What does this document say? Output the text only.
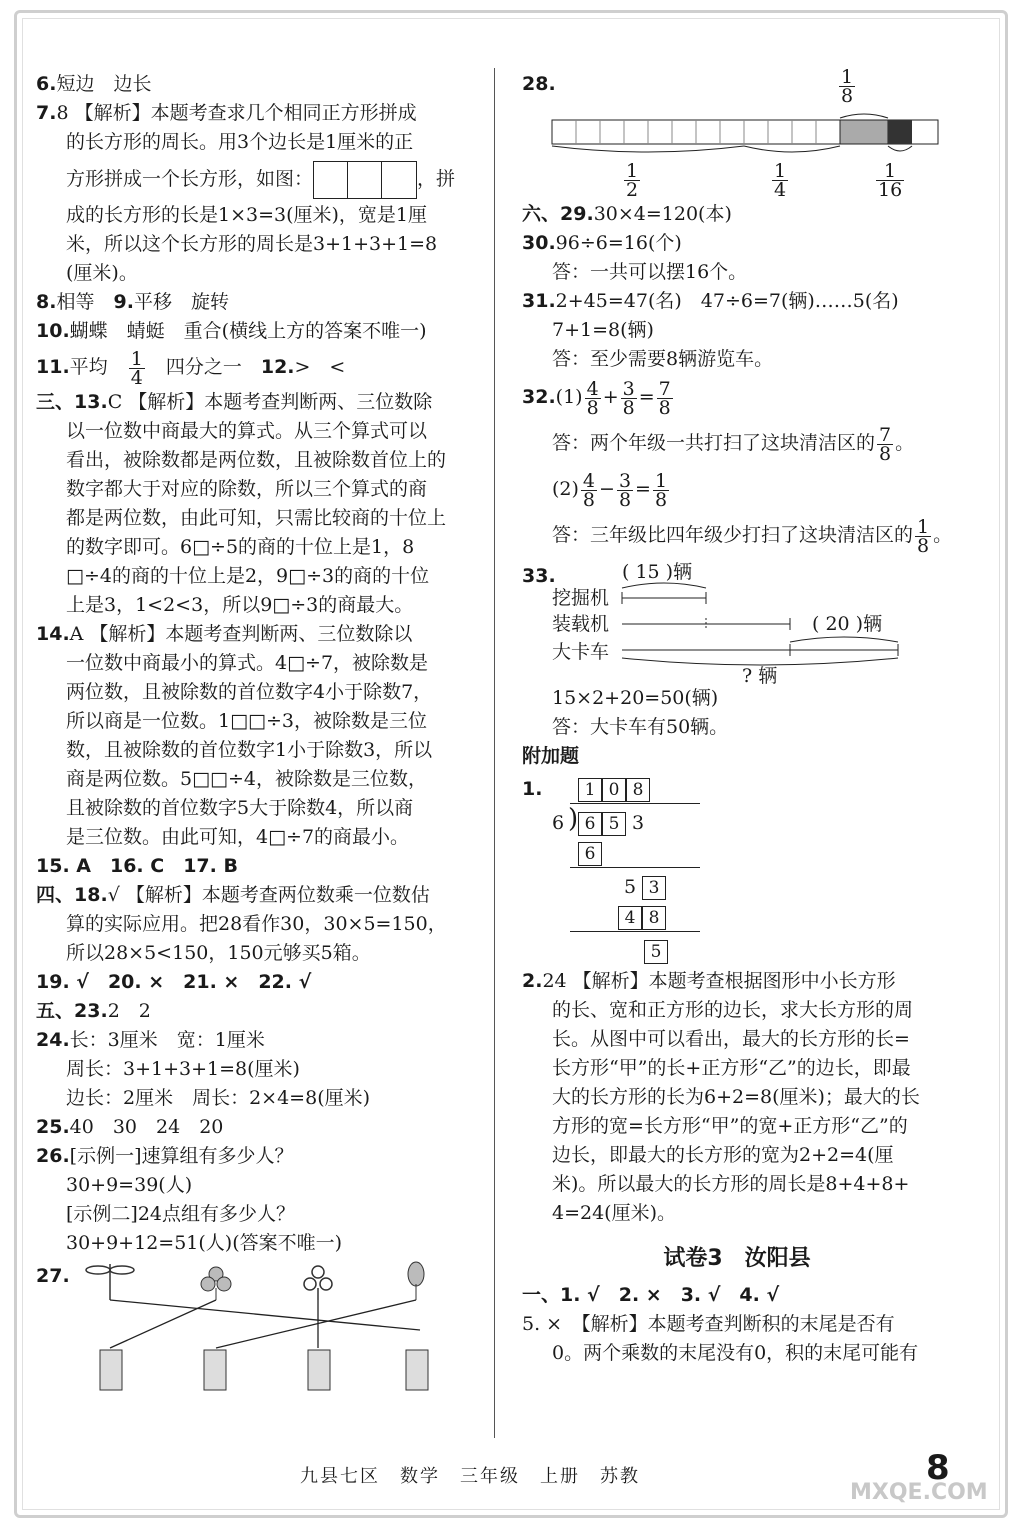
6.短边　边长
7.8 【解析】本题考查求几个相同正方形拼成
的长方形的周长。用3个边长是1厘米的正
方形拼成一个长方形，如图：	，拼
成的长方形的长是1×3=3(厘米)，宽是1厘
米，所以这个长方形的周长是3+1+3+1=8
(厘米)。
8.相等　 9.平移　旋转
10.蝴蝶　蜻蜓　重合(横线上方的答案不唯一)
11.平均　 $\frac{1}{4}$
　 四分之一　 12.>　<
三、13.C 【解析】本题考查判断两、三位数除
以一位数中商最大的算式。从三个算式可以
看出，被除数都是两位数，且被除数首位上的
数字都大于对应的除数，所以三个算式的商
都是两位数，由此可知，只需比较商的十位上
的数字即可。6□÷5的商的十位上是1，8
□÷4的商的十位上是2，9□÷3的商的十位
上是3，1<2<3，所以9□÷3的商最大。
14.A 【解析】本题考查判断两、三位数除以
一位数中商最小的算式。4□÷7，被除数是
两位数，且被除数的首位数字4小于除数7，
所以商是一位数。1□□÷3，被除数是三位
数，且被除数的首位数字1小于除数3，所以
商是两位数。5□□÷4，被除数是三位数，
且被除数的首位数字5大于除数4，所以商
是三位数。由此可知，4□÷7的商最小。
15. A　16. C　17. B
四、18.√ 【解析】本题考查两位数乘一位数估
算的实际应用。把28看作30，30×5=150，
所以28×5<150，150元够买5箱。
19. √　20. ×　21. ×　22. √
五、23.2　2
24.长：3厘米　宽：1厘米
周长：3+1+3+1=8(厘米)
边长：2厘米　周长：2×4=8(厘米)
25.40　30　24　20
26.[示例一]速算组有多少人？
30+9=39(人)
[示例二]24点组有多少人？
30+9+12=51(人)(答案不唯一)
27.
28.	$\frac{1}{8}$
$\frac{1}{2}$	$\frac{1}{4}$	$\frac{1}{16}$
六、29.30×4=120(本)
30.96÷6=16(个)
答：一共可以摆16个。
31.2+45=47(名)　47÷6=7(辆)……5(名)
7+1=8(辆)
答：至少需要8辆游览车。
$32.(1) \frac{4}{8} + \frac{3}{8} = \frac{7}{8}$
答：两个年级一共打扫了这块清洁区的 $\frac{7}{8}$ 。
$(2) \frac{4}{8} - \frac{3}{8} = \frac{1}{8}$
答：三年级比四年级少打扫了这块清洁区的 $\frac{1}{8}$ 。
33.	( 15 )辆
挖掘机
装载机
大卡车
( 20 )辆
? 辆
15×2+20=50(辆)
答：大卡车有50辆。
附加题
1.	1 0 8
6 ) 6 5 3
6
5 3
4 8
5
2.24 【解析】本题考查根据图形中小长方形
的长、宽和正方形的边长，求大长方形的周
长。从图中可以看出，最大的长方形的长=
长方形“甲”的长+正方形“乙”的边长，即最
大的长方形的长为6+2=8(厘米)；最大的长
方形的宽=长方形“甲”的宽+正方形“乙”的
边长，即最大的长方形的宽为2+2=4(厘
米)。所以最大的长方形的周长是8+4+8+
4=24(厘米)。
试卷3　汝阳县
一、1. √　2. ×　3. √　4. √
5. ×　【解析】本题考查判断积的末尾是否有
0。两个乘数的末尾没有0，积的末尾可能有
九县七区　数学　三年级　上册　苏教	8
MXQE.COM
